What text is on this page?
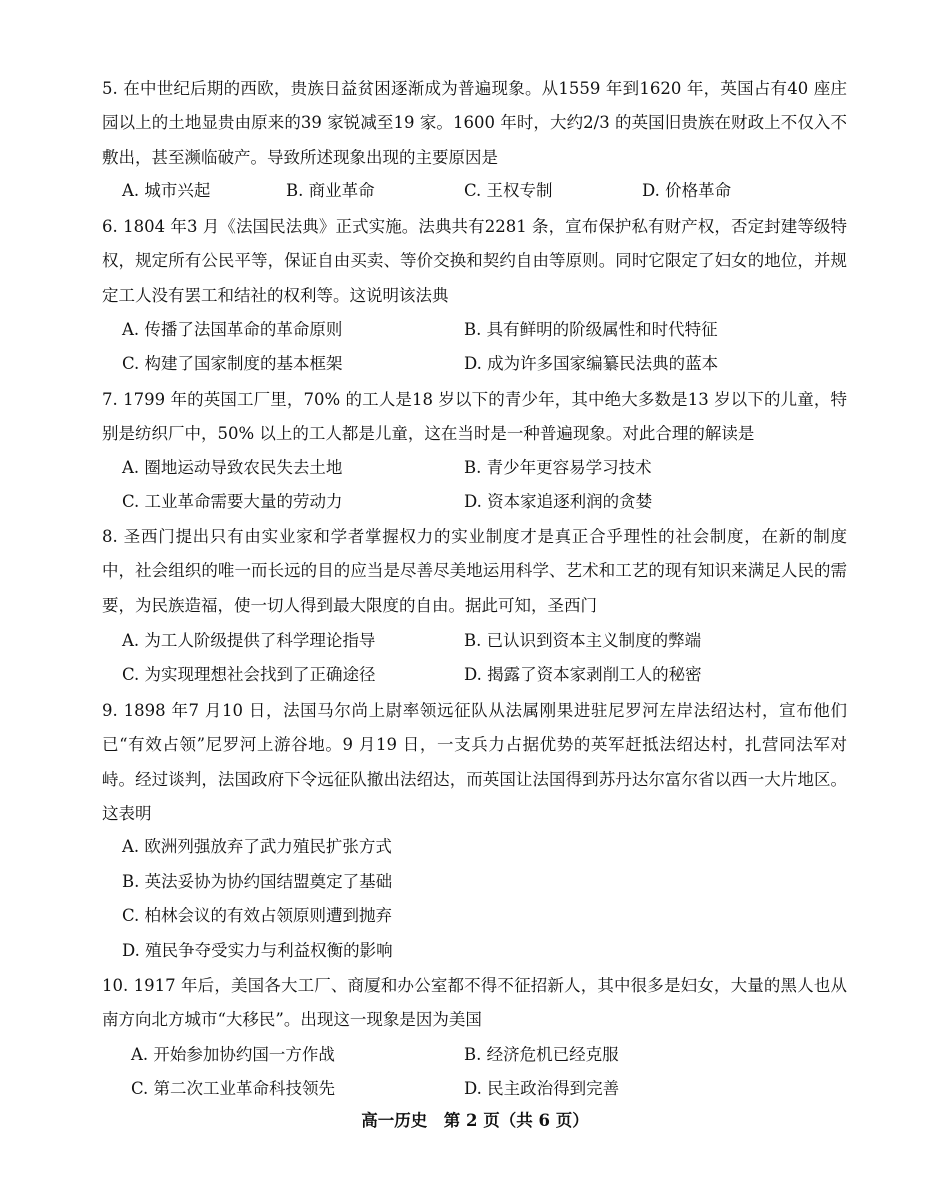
5. 在中世纪后期的西欧，贵族日益贫困逐渐成为普遍现象。从1559 年到1620 年，英国占有40 座庄园以上的土地显贵由原来的39 家锐减至19 家。1600 年时，大约2/3 的英国旧贵族在财政上不仅入不敷出，甚至濒临破产。导致所述现象出现的主要原因是
A. 城市兴起	B. 商业革命	C. 王权专制	D. 价格革命
6. 1804 年3 月《法国民法典》正式实施。法典共有2281 条，宣布保护私有财产权，否定封建等级特权，规定所有公民平等，保证自由买卖、等价交换和契约自由等原则。同时它限定了妇女的地位，并规定工人没有罢工和结社的权利等。这说明该法典
A. 传播了法国革命的革命原则	B. 具有鲜明的阶级属性和时代特征
C. 构建了国家制度的基本框架	D. 成为许多国家编纂民法典的蓝本
7. 1799 年的英国工厂里，70% 的工人是18 岁以下的青少年，其中绝大多数是13 岁以下的儿童，特别是纺织厂中，50% 以上的工人都是儿童，这在当时是一种普遍现象。对此合理的解读是
A. 圈地运动导致农民失去土地	B. 青少年更容易学习技术
C. 工业革命需要大量的劳动力	D. 资本家追逐利润的贪婪
8. 圣西门提出只有由实业家和学者掌握权力的实业制度才是真正合乎理性的社会制度，在新的制度中，社会组织的唯一而长远的目的应当是尽善尽美地运用科学、艺术和工艺的现有知识来满足人民的需要，为民族造福，使一切人得到最大限度的自由。据此可知，圣西门
A. 为工人阶级提供了科学理论指导	B. 已认识到资本主义制度的弊端
C. 为实现理想社会找到了正确途径	D. 揭露了资本家剥削工人的秘密
9. 1898 年7 月10 日，法国马尔尚上尉率领远征队从法属刚果进驻尼罗河左岸法绍达村，宣布他们已“有效占领”尼罗河上游谷地。9 月19 日，一支兵力占据优势的英军赶抵法绍达村，扎营同法军对峙。经过谈判，法国政府下令远征队撤出法绍达，而英国让法国得到苏丹达尔富尔省以西一大片地区。这表明
A. 欧洲列强放弃了武力殖民扩张方式
B. 英法妥协为协约国结盟奠定了基础
C. 柏林会议的有效占领原则遭到抛弃
D. 殖民争夺受实力与利益权衡的影响
10. 1917 年后，美国各大工厂、商厦和办公室都不得不征招新人，其中很多是妇女，大量的黑人也从南方向北方城市“大移民”。出现这一现象是因为美国
A. 开始参加协约国一方作战	B. 经济危机已经克服
C. 第二次工业革命科技领先	D. 民主政治得到完善
高一历史　第 2 页（共 6 页）
